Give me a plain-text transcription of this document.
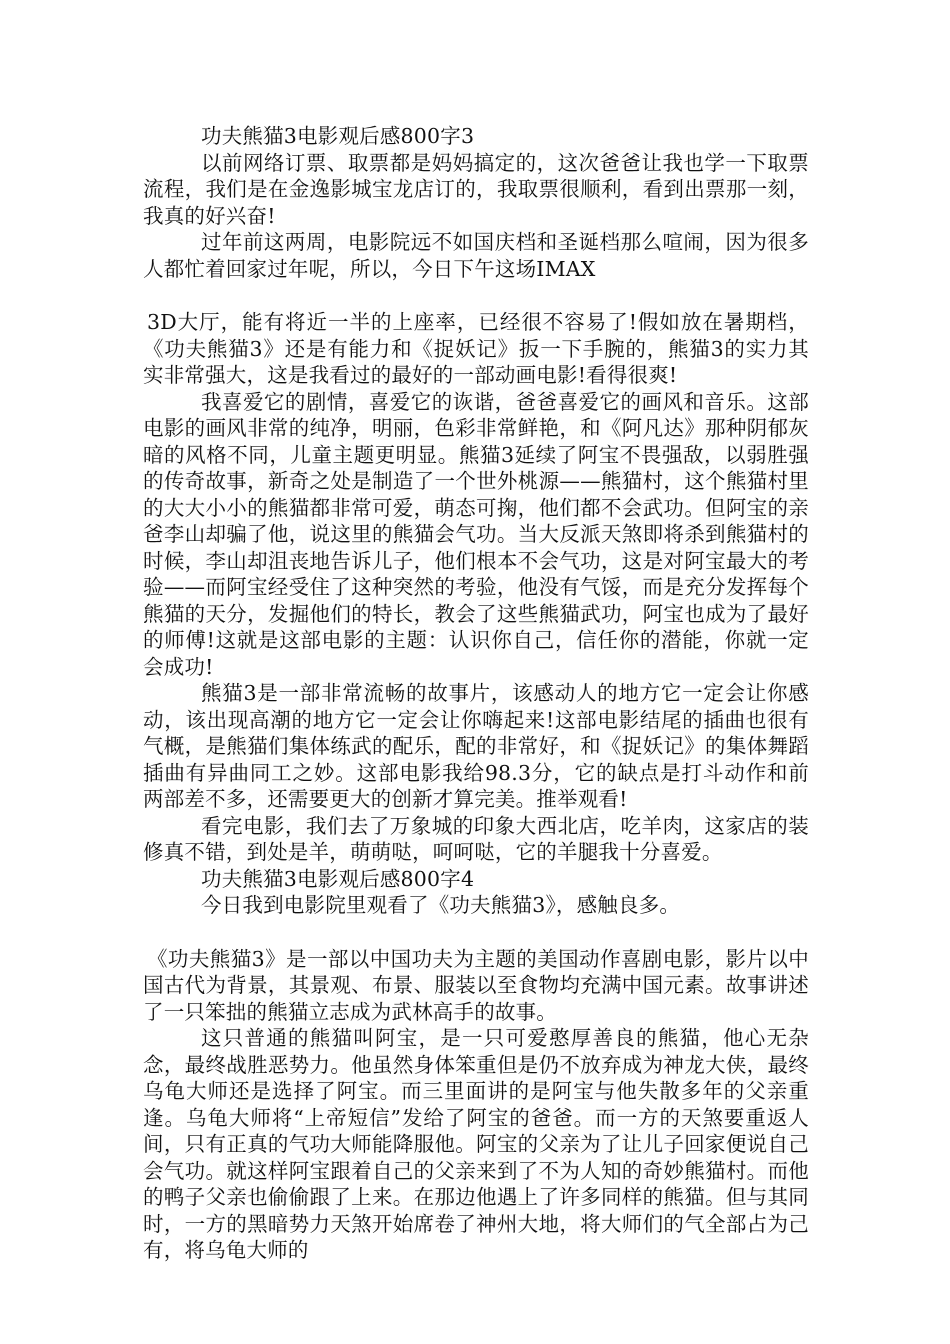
功夫熊猫3电影观后感800字3

以前网络订票、取票都是妈妈搞定的，这次爸爸让我也学一下取票流程，我们是在金逸影城宝龙店订的，我取票很顺利，看到出票那一刻，我真的好兴奋!

过年前这两周，电影院远不如国庆档和圣诞档那么喧闹，因为很多人都忙着回家过年呢，所以，今日下午这场IMAX

3D大厅，能有将近一半的上座率，已经很不容易了!假如放在暑期档，《功夫熊猫3》还是有能力和《捉妖记》扳一下手腕的，熊猫3的实力其实非常强大，这是我看过的最好的一部动画电影!看得很爽!

我喜爱它的剧情，喜爱它的诙谐，爸爸喜爱它的画风和音乐。这部电影的画风非常的纯净，明丽，色彩非常鲜艳，和《阿凡达》那种阴郁灰暗的风格不同，儿童主题更明显。熊猫3延续了阿宝不畏强敌，以弱胜强的传奇故事，新奇之处是制造了一个世外桃源——熊猫村，这个熊猫村里的大大小小的熊猫都非常可爱，萌态可掬，他们都不会武功。但阿宝的亲爸李山却骗了他，说这里的熊猫会气功。当大反派天煞即将杀到熊猫村的时候，李山却沮丧地告诉儿子，他们根本不会气功，这是对阿宝最大的考验——而阿宝经受住了这种突然的考验，他没有气馁，而是充分发挥每个熊猫的天分，发掘他们的特长，教会了这些熊猫武功，阿宝也成为了最好的师傅!这就是这部电影的主题：认识你自己，信任你的潜能，你就一定会成功!

熊猫3是一部非常流畅的故事片，该感动人的地方它一定会让你感动，该出现高潮的地方它一定会让你嗨起来!这部电影结尾的插曲也很有气概，是熊猫们集体练武的配乐，配的非常好，和《捉妖记》的集体舞蹈插曲有异曲同工之妙。这部电影我给98.3分，它的缺点是打斗动作和前两部差不多，还需要更大的创新才算完美。推举观看!

看完电影，我们去了万象城的印象大西北店，吃羊肉，这家店的装修真不错，到处是羊，萌萌哒，呵呵哒，它的羊腿我十分喜爱。

功夫熊猫3电影观后感800字4

今日我到电影院里观看了《功夫熊猫3》，感触良多。

《功夫熊猫3》是一部以中国功夫为主题的美国动作喜剧电影，影片以中国古代为背景，其景观、布景、服装以至食物均充满中国元素。故事讲述了一只笨拙的熊猫立志成为武林高手的故事。

这只普通的熊猫叫阿宝，是一只可爱憨厚善良的熊猫，他心无杂念，最终战胜恶势力。他虽然身体笨重但是仍不放弃成为神龙大侠，最终乌龟大师还是选择了阿宝。而三里面讲的是阿宝与他失散多年的父亲重逢。乌龟大师将“上帝短信”发给了阿宝的爸爸。而一方的天煞要重返人间，只有正真的气功大师能降服他。阿宝的父亲为了让儿子回家便说自己会气功。就这样阿宝跟着自己的父亲来到了不为人知的奇妙熊猫村。而他的鸭子父亲也偷偷跟了上来。在那边他遇上了许多同样的熊猫。但与其同时，一方的黑暗势力天煞开始席卷了神州大地，将大师们的气全部占为己有，将乌龟大师的
